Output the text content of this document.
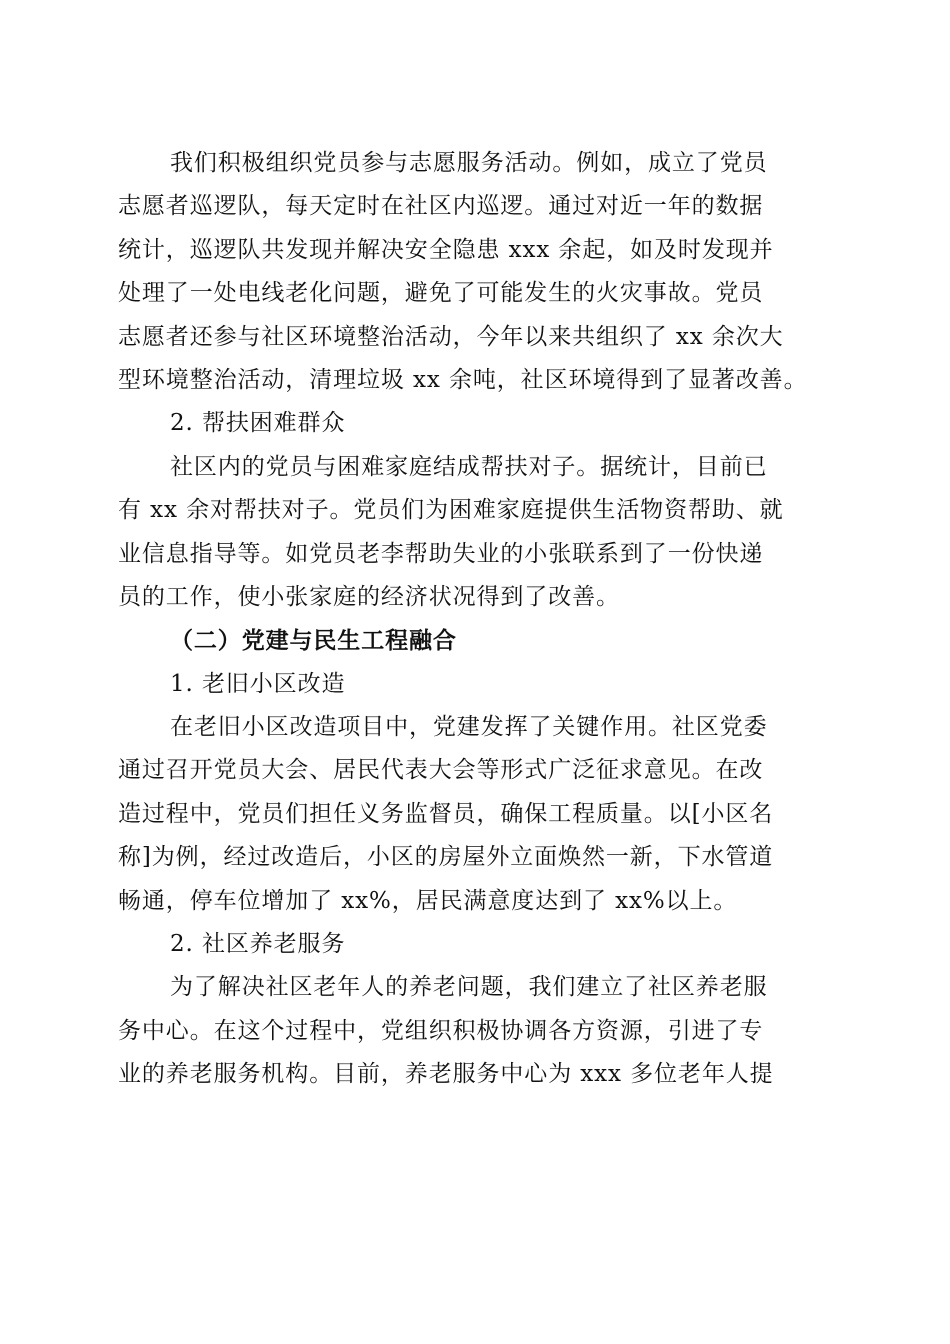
我们积极组织党员参与志愿服务活动。例如，成立了党员
志愿者巡逻队，每天定时在社区内巡逻。通过对近一年的数据
统计，巡逻队共发现并解决安全隐患 xxx 余起，如及时发现并
处理了一处电线老化问题，避免了可能发生的火灾事故。党员
志愿者还参与社区环境整治活动，今年以来共组织了 xx 余次大
型环境整治活动，清理垃圾 xx 余吨，社区环境得到了显著改善。
2. 帮扶困难群众
社区内的党员与困难家庭结成帮扶对子。据统计，目前已
有 xx 余对帮扶对子。党员们为困难家庭提供生活物资帮助、就
业信息指导等。如党员老李帮助失业的小张联系到了一份快递
员的工作，使小张家庭的经济状况得到了改善。
（二）党建与民生工程融合
1. 老旧小区改造
在老旧小区改造项目中，党建发挥了关键作用。社区党委
通过召开党员大会、居民代表大会等形式广泛征求意见。在改
造过程中，党员们担任义务监督员，确保工程质量。以[小区名
称]为例，经过改造后，小区的房屋外立面焕然一新，下水管道
畅通，停车位增加了 xx%，居民满意度达到了 xx%以上。
2. 社区养老服务
为了解决社区老年人的养老问题，我们建立了社区养老服
务中心。在这个过程中，党组织积极协调各方资源，引进了专
业的养老服务机构。目前，养老服务中心为 xxx 多位老年人提
